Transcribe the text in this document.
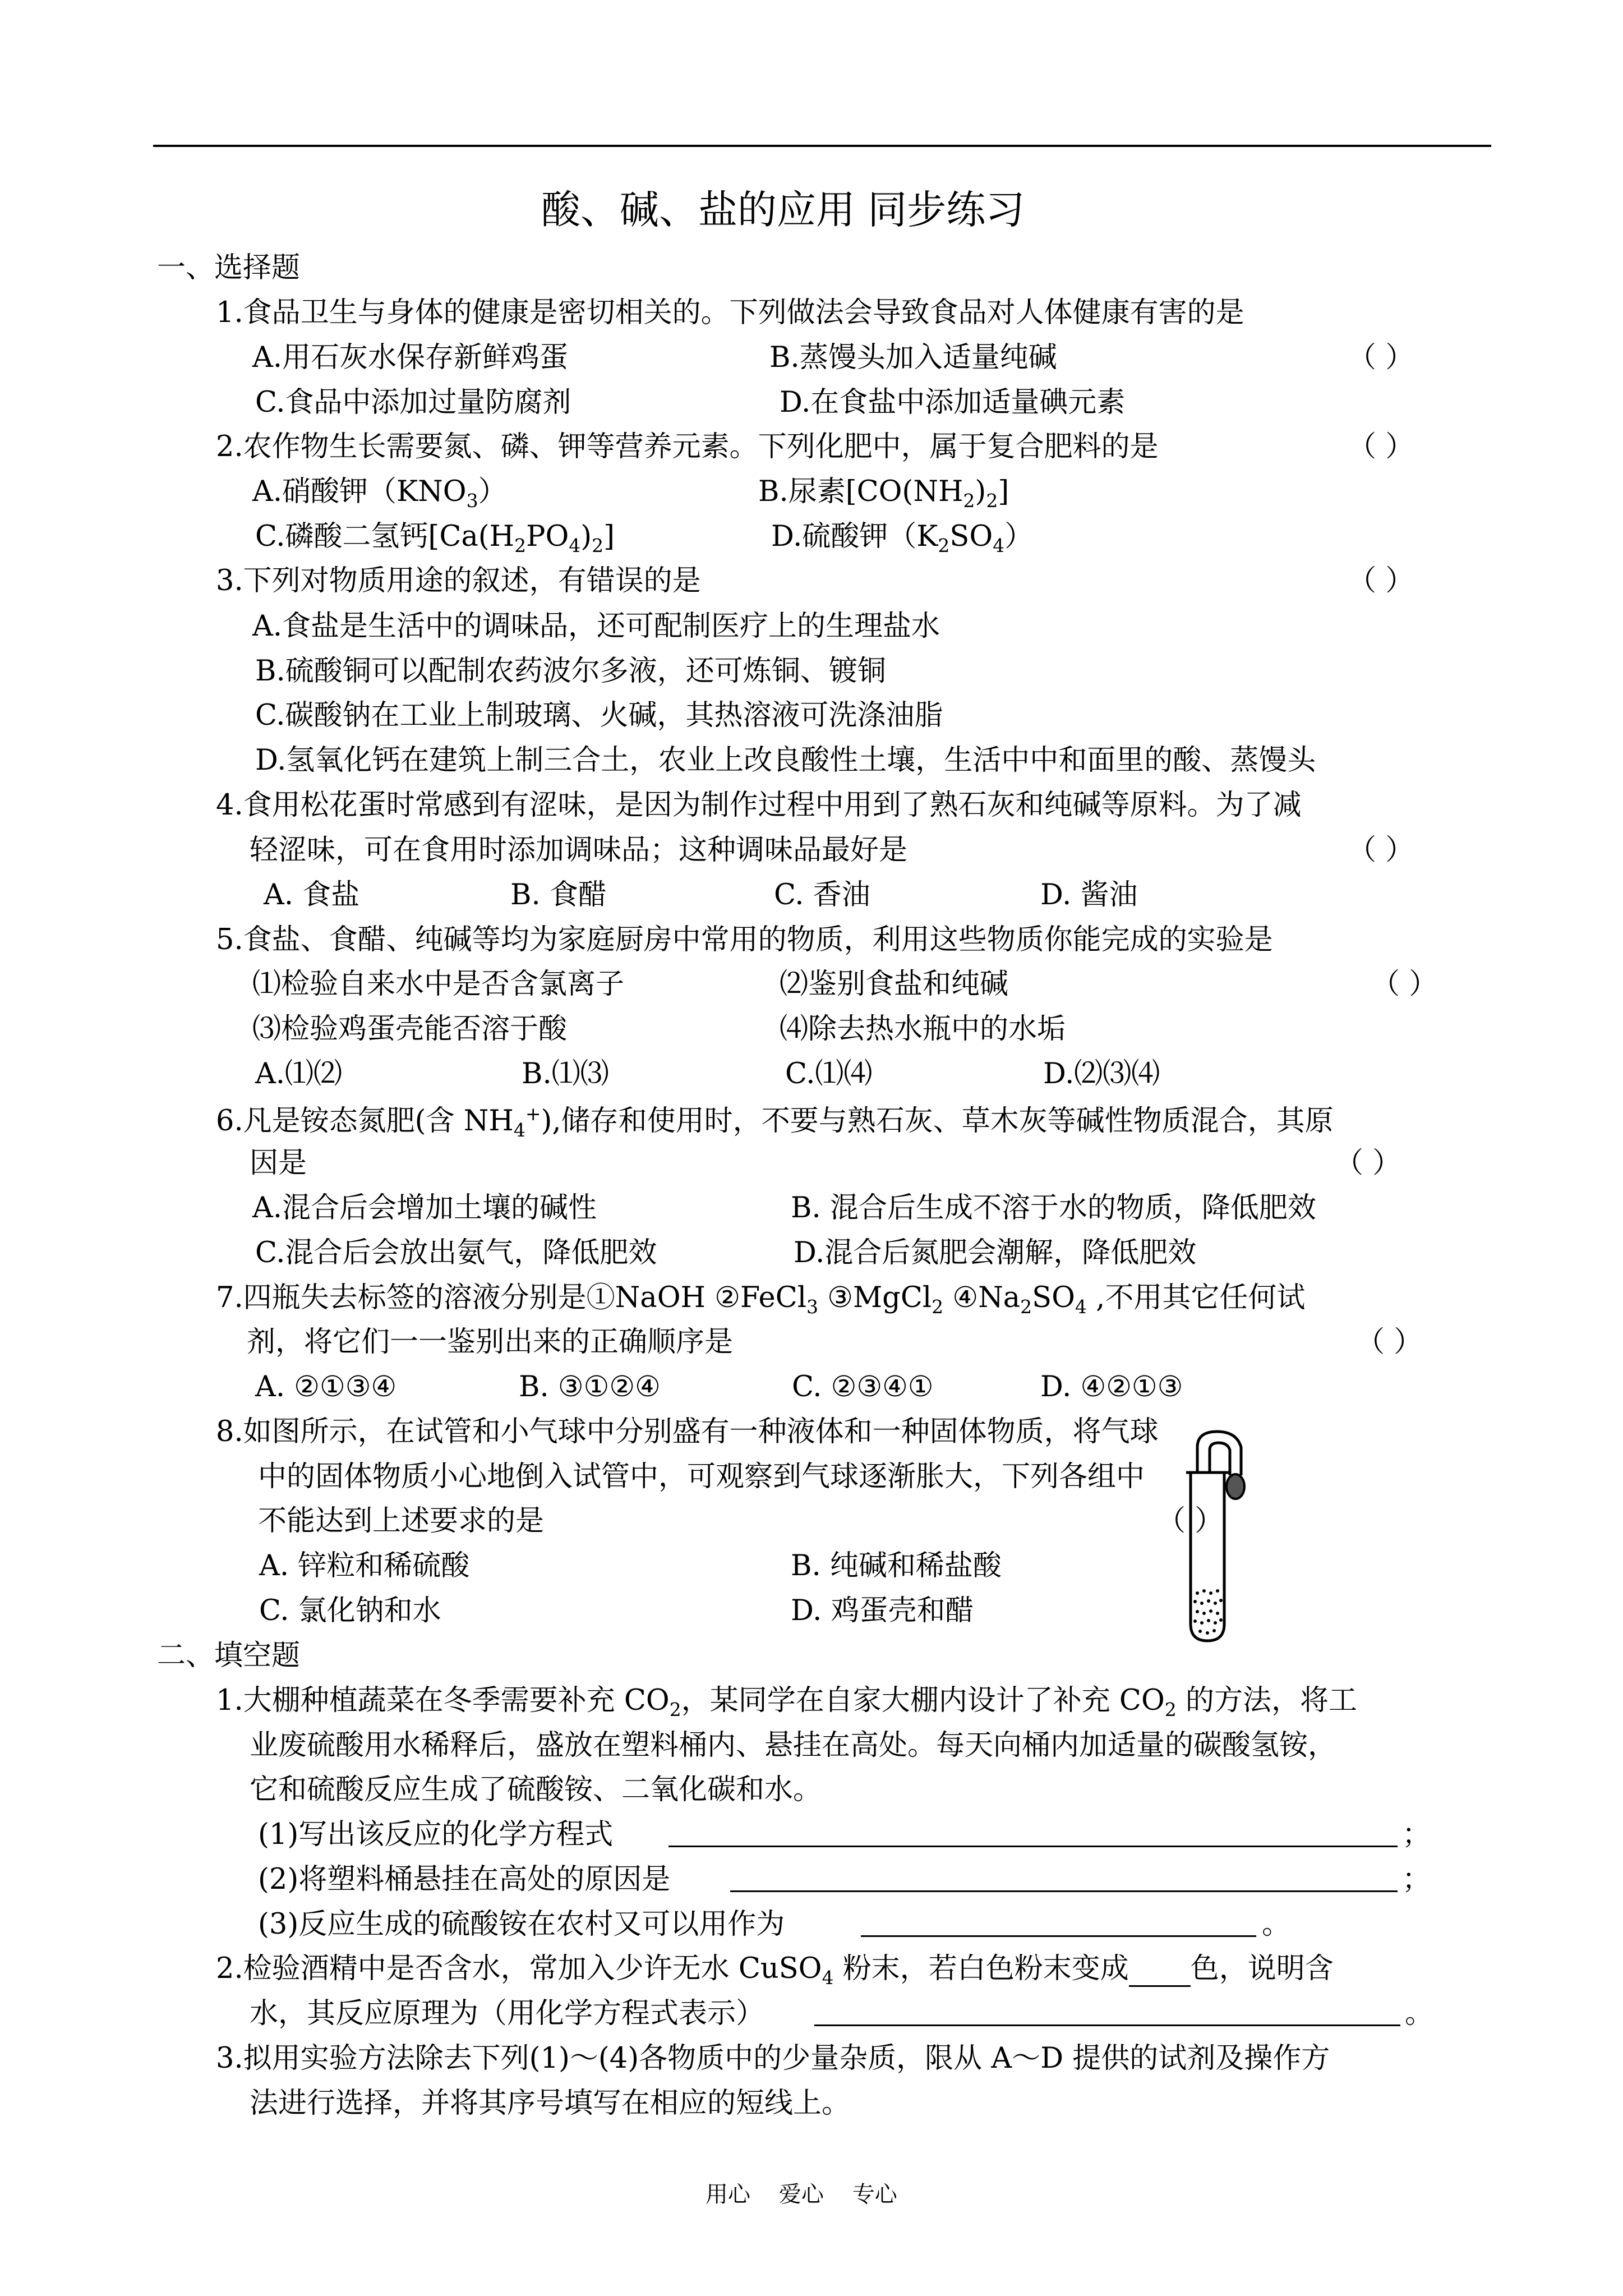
酸、碱、盐的应用 同步练习
一、选择题
1.食品卫生与身体的健康是密切相关的。下列做法会导致食品对人体健康有害的是
A.用石灰水保存新鲜鸡蛋	B.蒸馒头加入适量纯碱	（ ）
C.食品中添加过量防腐剂	D.在食盐中添加适量碘元素
2.农作物生长需要氮、磷、钾等营养元素。下列化肥中，属于复合肥料的是	（ ）
A.硝酸钾$(KNO_3)$	B.尿素$[CO(NH_2)_2]$
C.磷酸二氢钙$[Ca(H_2PO_4)_2]$	D.硫酸钾$(K_2SO_4)$
3.下列对物质用途的叙述，有错误的是	（ ）
A.食盐是生活中的调味品，还可配制医疗上的生理盐水
B.硫酸铜可以配制农药波尔多液，还可炼铜、镀铜
C.碳酸钠在工业上制玻璃、火碱，其热溶液可洗涤油脂
D.氢氧化钙在建筑上制三合土，农业上改良酸性土壤，生活中中和面里的酸、蒸馒头
4.食用松花蛋时常感到有涩味，是因为制作过程中用到了熟石灰和纯碱等原料。为了减
轻涩味，可在食用时添加调味品；这种调味品最好是	（ ）
A. 食盐	B. 食醋	C. 香油	D. 酱油
5.食盐、食醋、纯碱等均为家庭厨房中常用的物质，利用这些物质你能完成的实验是
⑴检验自来水中是否含氯离子	⑵鉴别食盐和纯碱	（ ）
⑶检验鸡蛋壳能否溶于酸	⑷除去热水瓶中的水垢
A.⑴⑵	B.⑴⑶	C.⑴⑷	D.⑵⑶⑷
6.凡是铵态氮肥(含 $NH_4^+$),储存和使用时，不要与熟石灰、草木灰等碱性物质混合，其原
因是	（ ）
A.混合后会增加土壤的碱性	B. 混合后生成不溶于水的物质，降低肥效
C.混合后会放出氨气，降低肥效	D.混合后氮肥会潮解，降低肥效
7.四瓶失去标签的溶液分别是①NaOH ②FeCl$_3$ ③MgCl$_2$ $④Na_2SO_4$ ,不用其它任何试
剂，将它们一一鉴别出来的正确顺序是	（ ）
A. ②①③④	B. ③①②④	C. ②③④①	D. ④②①③
8.如图所示，在试管和小气球中分别盛有一种液体和一种固体物质，将气球
中的固体物质小心地倒入试管中，可观察到气球逐渐胀大，下列各组中
不能达到上述要求的是	（ ）
A. 锌粒和稀硫酸	B. 纯碱和稀盐酸
C. 氯化钠和水	D. 鸡蛋壳和醋
二、填空题
1.大棚种植蔬菜在冬季需要补充 $CO_2$，某同学在自家大棚内设计了补充 $CO_2$ 的方法，将工
业废硫酸用水稀释后，盛放在塑料桶内、悬挂在高处。每天向桶内加适量的碳酸氢铵，
它和硫酸反应生成了硫酸铵、二氧化碳和水。
(1)写出该反应的化学方程式	；
(2)将塑料桶悬挂在高处的原因是	；
(3)反应生成的硫酸铵在农村又可以用作为	。
2.检验酒精中是否含水，常加入少许无水 CuSO$_4$ 粉末，若白色粉末变成 色，说明含
水，其反应原理为（用化学方程式表示）	。
3.拟用实验方法除去下列(1)～(4)各物质中的少量杂质，限从 A～D 提供的试剂及操作方
法进行选择，并将其序号填写在相应的短线上。
用心    爱心    专心
